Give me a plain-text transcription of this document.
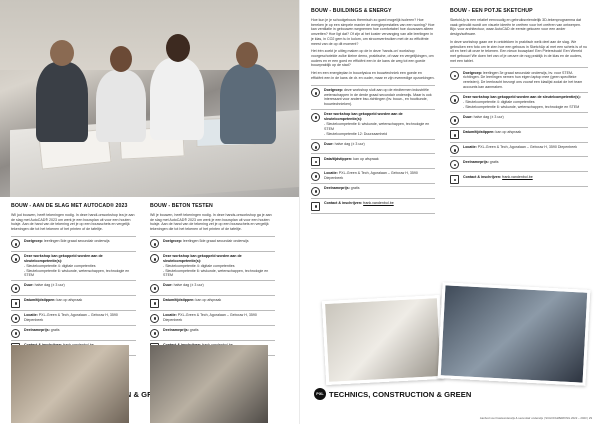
BOUW - AAN DE SLAG MET AUTOCAD® 2023

Wil jod bouwen, heeft tekeningen nodig. In deze handi-onworkshop lea je aan de slag met AutoCAD® 2023 om werk je een bouwplan uit voor een houten huisje. Aan de hand van de tekening zet je op een bouwschets en vergelijk tekeningen die tot het tekenen of het printen of de tafeltje.

Doelgroep: leerlingen 5de graad secundair onderwijs
Deze workshop kan gekoppeld worden aan de sleutelcompetentie(s):
- Sleutelcompetentie 4: digitale competenties
- Sleutelcompetentie 6: wiskunde, wetenschappen, technologie en STEM
Duur: halve dag (± 3 uur)
Datum/tijdstippen: kan op afspraak
Locatie: PXL-Green & Tech, Agoralaan – Gebouw H, 3590 Diepenbeek
Deelnameprijs: gratis
BOUW - BETON TESTEN

Wil je bouwen, heeft tekeningen nodig. In deze hands-onworkshop ga je aan de slag met AutoCAD® 2023 om werk je een bouwplan uit voor een houten huisje. Aan de hand van de tekening zet je op een bouwschets en vergelijk tekeningen die tot het tekenen of het printen of de tafeltje.

Doelgroep: leerlingen 5de graad secundair onderwijs
Deze workshop kan gekoppeld worden aan de sleutelcompetentie(s):
- Sleutelcompetentie 4: digitale competenties
- Sleutelcompetentie 6: wiskunde, wetenschappen, technologie en STEM
Duur: halve dag (± 3 uur)
Datum/tijdstippen: kan op afspraak
Locatie: PXL-Green & Tech, Agoralaan – Gebouw H, 3590 Diepenbeek
Deelnameprijs: gratis
&
BOUW - BUILDINGS & ENERGY

Hoe kun je je schoolgebouw thermisch zo goed mogelijk isoleren? Hoe bereken je op een simpele manier de energieprestaties van een woning? Hoe kan ventilatie in gebouwen wegnemen hoe comfortabel hoe duurzaam alleen omzetten? Hoe ligt dat? Of zijn al het koster vervanging van alle leerlingen in je klas, in CO2 gem tu in kolom, om stroomverbruiken met de zo efficiënte meest van de op dit moment?

Het één zoekt je uitleg maken op de in deze 'hands-on' workshop voorgeschotelde zulke kleine demo, praktische, of naar en vergelijkingen, om ouders en er een goed en efficiënt een in de kans de weg tot een goede bouwpraktijk op de stad?

Het en een energieplan in bouwfysica en bouwtechniek een goede en efficiënt een in de kans de dr. en ouder, maar er zijn evenredige opzoekingen.

Doelgroep: deze workshop sluit aan op de eindtermen industriële wetenschappen in de derde graad secundair onderwijs. Maar is ook interessant voor andere bso-richtingen (bv. bouw-, en houtkunde, bouwtechnieken).
Deze workshop kan gekoppeld worden aan de sleutelcompetentie(s):
- Sleutelcompetentie 6: wiskunde, wetenschappen, technologie en STEM
- Sleutelcompetentie 12: Duurzaamheid
Duur: halve dag (± 3 uur)
Data/tijdstippen: kan op afspraak
Locatie: PXL-Green & Tech, Agoralaan – Gebouw H, 3590 Diepenbeek
Deelnameprijs: gratis
Contact & inschrijven: frank.vandenbol.be
BOUW - EEN POTJE SKETCHUP

SketchUp is een relatief eenvoudig en gebruiksvriendelijk 3D-tekenprogramma dat vaak gebruikt wordt om visuele ideeën te creëren voor het creëren van ontwerpen. Bijv. voor architectuur, waar AutoCAD de eerste gekozen voor een ander design/software.

In deze workshop gaan we in ontdekken in praktisch welk deel aan de slag. We gebruiken een foto om te zien hoe een gebouw in SketchUp al met een schets is of nu uit en heel uit onze te tekenen. Een nieuw bouwplan! Een Pietersbuck! Een Wereld met gebouw! We doen het van of je oeuvre de nog praktijk in de klas en de ouders, met een tablet.

Doelgroep: leerlingen 3e graad secundair onderwijs, bv. voor STEM-richtingen. De leerlingen nemen hun eigen laptop mee (geen specifieke vereisten). De leerkracht bezorgt ons vooraf een klaslijst zodat de het team accounts kan aanmaken.
Deze workshop kan gekoppeld worden aan de sleutelcompetentie(s):
- Sleutelcompetentie 4: digitale competenties
- Sleutelcompetentie 6: wiskunde, wetenschappen, technologie en STEM
Duur: halve dag (± 3 uur)
Datum/tijdstippen: kan op afspraak
Locatie: PXL-Green & Tech, Agoralaan – Gebouw H, 3590 Diepenbeek
Deelnameprijs: gratis
Contact & inschrijven: frank.vandenbol.be
PXL TECHNICS, CONSTRUCTION & GREEN
Aanbod voor basisonderwijs & secundair onderwijs | SCHOOLWERKING 2022 – 2023 | 29
